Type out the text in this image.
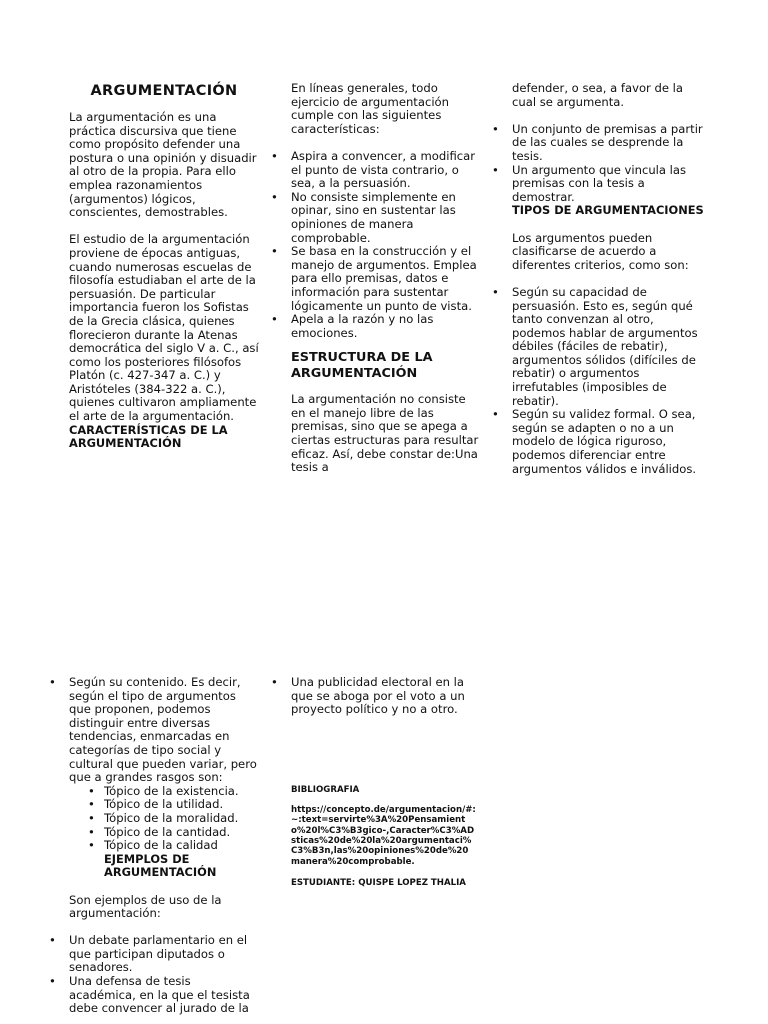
ARGUMENTACIÓN

La argumentación es una práctica discursiva que tiene como propósito defender una postura o una opinión y disuadir al otro de la propia. Para ello emplea razonamientos (argumentos) lógicos, conscientes, demostrables.

El estudio de la argumentación proviene de épocas antiguas, cuando numerosas escuelas de filosofía estudiaban el arte de la persuasión. De particular importancia fueron los Sofistas de la Grecia clásica, quienes florecieron durante la Atenas democrática del siglo V a. C., así como los posteriores filósofos Platón (c. 427-347 a. C.) y Aristóteles (384-322 a. C.), quienes cultivaron ampliamente el arte de la argumentación.

CARACTERÍSTICAS DE LA ARGUMENTACIÓN

En líneas generales, todo ejercicio de argumentación cumple con las siguientes características:

• Aspira a convencer, a modificar el punto de vista contrario, o sea, a la persuasión.
• No consiste simplemente en opinar, sino en sustentar las opiniones de manera comprobable.
• Se basa en la construcción y el manejo de argumentos. Emplea para ello premisas, datos e información para sustentar lógicamente un punto de vista.
• Apela a la razón y no las emociones.

ESTRUCTURA DE LA ARGUMENTACIÓN

La argumentación no consiste en el manejo libre de las premisas, sino que se apega a ciertas estructuras para resultar eficaz. Así, debe constar de:Una tesis a

defender, o sea, a favor de la cual se argumenta.

• Un conjunto de premisas a partir de las cuales se desprende la tesis.
• Un argumento que vincula las premisas con la tesis a demostrar.

TIPOS DE ARGUMENTACIONES

Los argumentos pueden clasificarse de acuerdo a diferentes criterios, como son:

• Según su capacidad de persuasión. Esto es, según qué tanto convenzan al otro, podemos hablar de argumentos débiles (fáciles de rebatir), argumentos sólidos (difíciles de rebatir) o argumentos irrefutables (imposibles de rebatir).
• Según su validez formal. O sea, según se adapten o no a un modelo de lógica riguroso, podemos diferenciar entre argumentos válidos e inválidos.
• Según su contenido. Es decir, según el tipo de argumentos que proponen, podemos distinguir entre diversas tendencias, enmarcadas en categorías de tipo social y cultural que pueden variar, pero que a grandes rasgos son:
• Tópico de la existencia.
• Tópico de la utilidad.
• Tópico de la moralidad.
• Tópico de la cantidad.
• Tópico de la calidad

EJEMPLOS DE ARGUMENTACIÓN

Son ejemplos de uso de la argumentación:

• Un debate parlamentario en el que participan diputados o senadores.
• Una defensa de tesis académica, en la que el tesista debe convencer al jurado de la
• Una publicidad electoral en la que se aboga por el voto a un proyecto político y no a otro.

BIBLIOGRAFIA

https://concepto.de/argumentacion/#:~:text=servirte%3A%20Pensamiento%20l%C3%B3gico-,Caracter%C3%ADsticas%20de%20la%20argumentaci%C3%B3n,las%20opiniones%20de%20manera%20comprobable.

ESTUDIANTE: QUISPE LOPEZ THALIA
